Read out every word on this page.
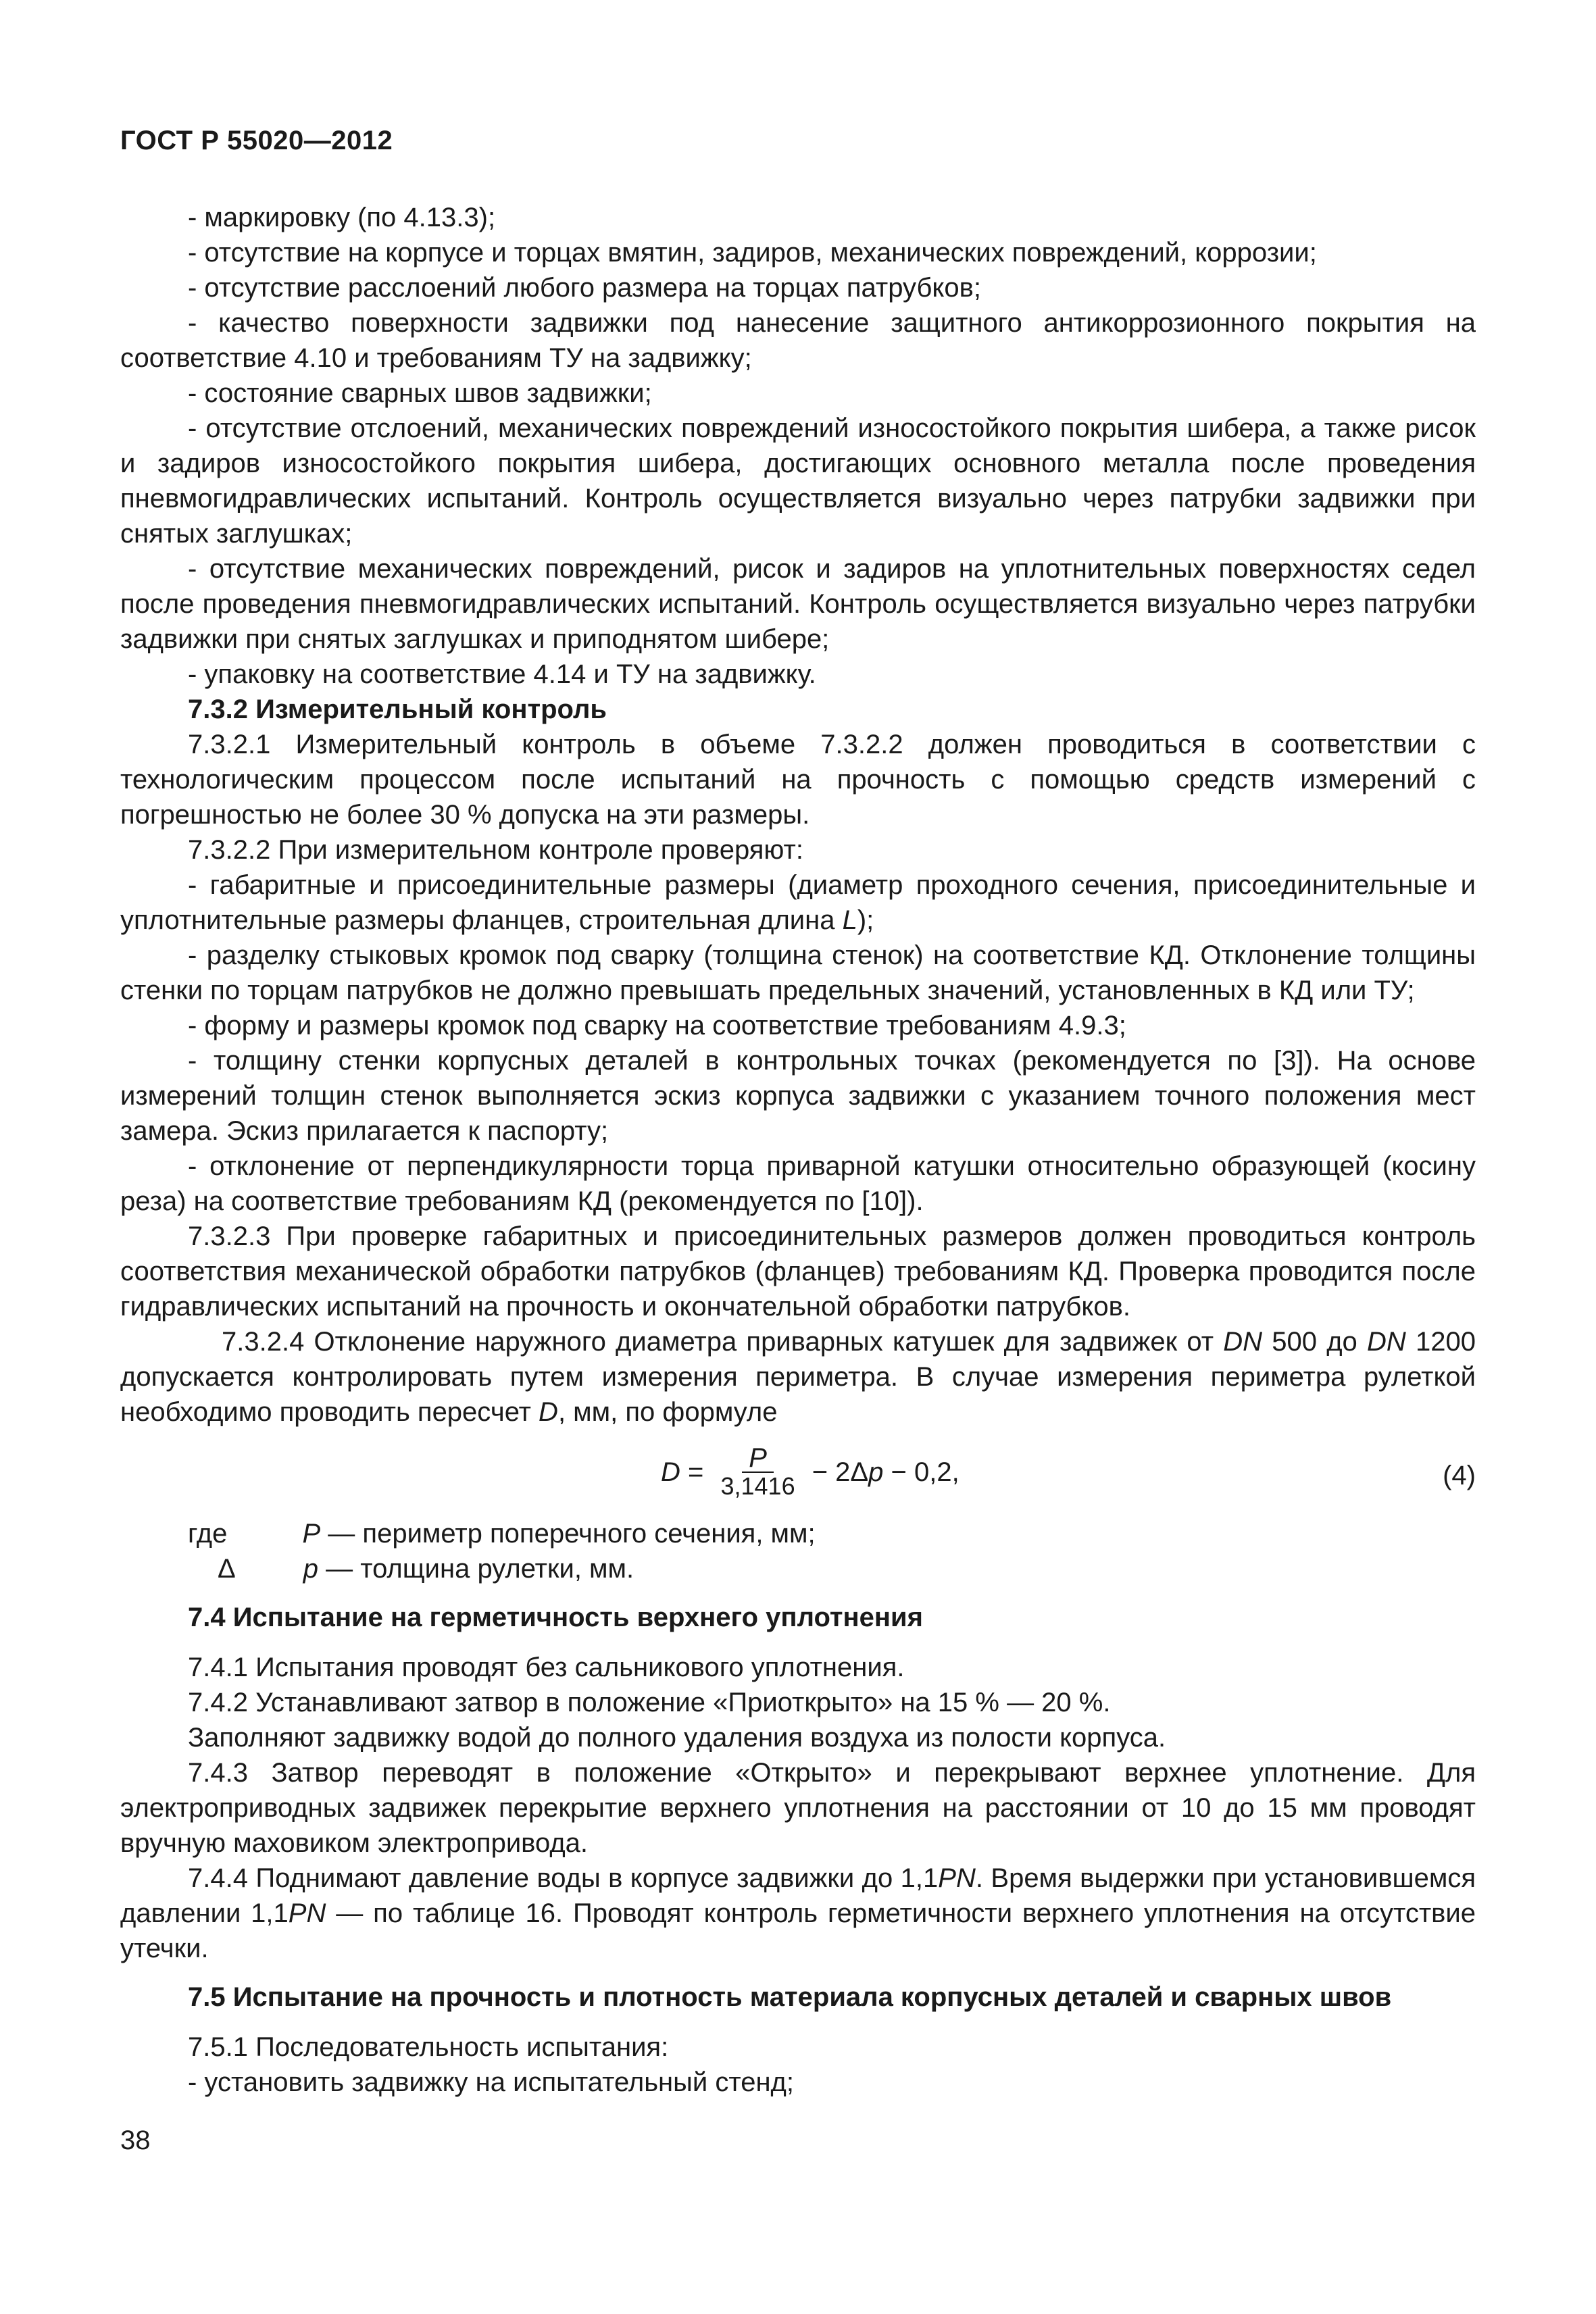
ГОСТ Р 55020—2012

- маркировку (по 4.13.3);

- отсутствие на корпусе и торцах вмятин, задиров, механических повреждений, коррозии;

- отсутствие расслоений любого размера на торцах патрубков;

- качество поверхности задвижки под нанесение защитного антикоррозионного покрытия на соответствие 4.10 и требованиям ТУ на задвижку;

- состояние сварных швов задвижки;

- отсутствие отслоений, механических повреждений износостойкого покрытия шибера, а также рисок и задиров износостойкого покрытия шибера, достигающих основного металла после проведения пневмогидравлических испытаний. Контроль осуществляется визуально через патрубки задвижки при снятых заглушках;

- отсутствие механических повреждений, рисок и задиров на уплотнительных поверхностях седел после проведения пневмогидравлических испытаний. Контроль осуществляется визуально через патрубки задвижки при снятых заглушках и приподнятом шибере;

- упаковку на соответствие 4.14 и ТУ на задвижку.

7.3.2 Измерительный контроль

7.3.2.1 Измерительный контроль в объеме 7.3.2.2 должен проводиться в соответствии с технологическим процессом после испытаний на прочность с помощью средств измерений с погрешностью не более 30 % допуска на эти размеры.

7.3.2.2 При измерительном контроле проверяют:

- габаритные и присоединительные размеры (диаметр проходного сечения, присоединительные и уплотнительные размеры фланцев, строительная длина L);

- разделку стыковых кромок под сварку (толщина стенок) на соответствие КД. Отклонение толщины стенки по торцам патрубков не должно превышать предельных значений, установленных в КД или ТУ;

- форму и размеры кромок под сварку на соответствие требованиям 4.9.3;

- толщину стенки корпусных деталей в контрольных точках (рекомендуется по [3]). На основе измерений толщин стенок выполняется эскиз корпуса задвижки с указанием точного положения мест замера. Эскиз прилагается к паспорту;

- отклонение от перпендикулярности торца приварной катушки относительно образующей (косину реза) на соответствие требованиям КД (рекомендуется по [10]).

7.3.2.3 При проверке габаритных и присоединительных размеров должен проводиться контроль соответствия механической обработки патрубков (фланцев) требованиям КД. Проверка проводится после гидравлических испытаний на прочность и окончательной обработки патрубков.

7.3.2.4 Отклонение наружного диаметра приварных катушек для задвижек от DN 500 до DN 1200 допускается контролировать путем измерения периметра. В случае измерения периметра рулеткой необходимо проводить пересчет D, мм, по формуле

$D = \frac{P}{3,1416} - 2\Delta$ p − 0,2,	(4)

где	P — периметр поперечного сечения, мм;

Δ	p — толщина рулетки, мм.

7.4 Испытание на герметичность верхнего уплотнения

7.4.1 Испытания проводят без сальникового уплотнения.

7.4.2 Устанавливают затвор в положение «Приоткрыто» на 15 % — 20 %.

Заполняют задвижку водой до полного удаления воздуха из полости корпуса.

7.4.3 Затвор переводят в положение «Открыто» и перекрывают верхнее уплотнение. Для электроприводных задвижек перекрытие верхнего уплотнения на расстоянии от 10 до 15 мм проводят вручную маховиком электропривода.

7.4.4 Поднимают давление воды в корпусе задвижки до 1,1PN. Время выдержки при установившемся давлении 1,1PN — по таблице 16. Проводят контроль герметичности верхнего уплотнения на отсутствие утечки.

7.5 Испытание на прочность и плотность материала корпусных деталей и сварных швов

7.5.1 Последовательность испытания:

- установить задвижку на испытательный стенд;

38
